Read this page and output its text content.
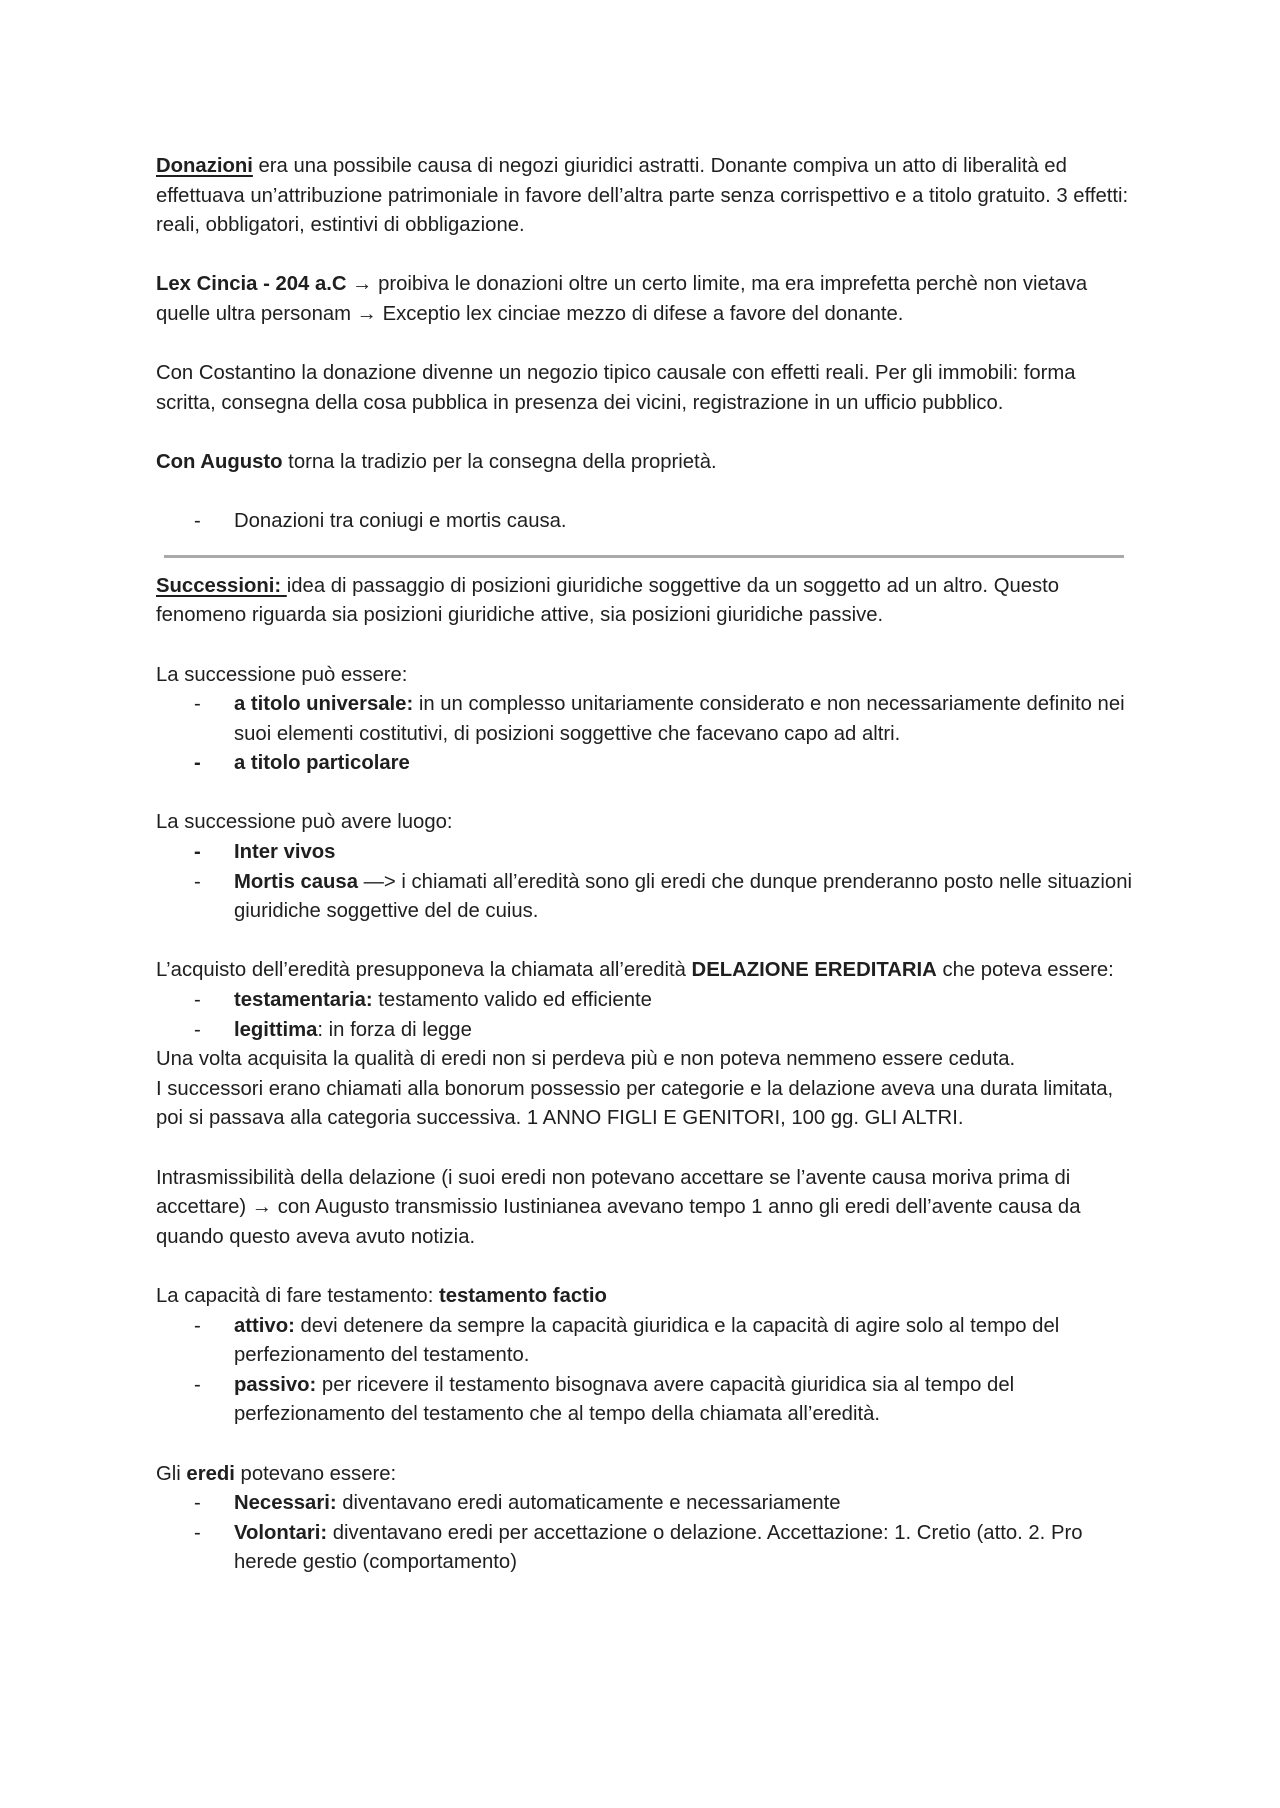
Donazioni era una possibile causa di negozi giuridici astratti. Donante compiva un atto di liberalità ed effettuava un’attribuzione patrimoniale in favore dell’altra parte senza corrispettivo e a titolo gratuito. 3 effetti: reali, obbligatori, estintivi di obbligazione.

Lex Cincia - 204 a.C → proibiva le donazioni oltre un certo limite, ma era imprefetta perchè non vietava quelle ultra personam → Exceptio lex cinciae mezzo di difese a favore del donante.

Con Costantino la donazione divenne un negozio tipico causale con effetti reali. Per gli immobili: forma scritta, consegna della cosa pubblica in presenza dei vicini, registrazione in un ufficio pubblico.

Con Augusto torna la tradizio per la consegna della proprietà.

- Donazioni tra coniugi e mortis causa.

Successioni: idea di passaggio di posizioni giuridiche soggettive da un soggetto ad un altro. Questo fenomeno riguarda sia posizioni giuridiche attive, sia posizioni giuridiche passive.

La successione può essere:

- a titolo universale: in un complesso unitariamente considerato e non necessariamente definito nei suoi elementi costitutivi, di posizioni soggettive che facevano capo ad altri.
- a titolo particolare

La successione può avere luogo:

- Inter vivos
- Mortis causa —> i chiamati all’eredità sono gli eredi che dunque prenderanno posto nelle situazioni giuridiche soggettive del de cuius.

L’acquisto dell’eredità presupponeva la chiamata all’eredità DELAZIONE EREDITARIA che poteva essere:

- testamentaria: testamento valido ed efficiente
- legittima: in forza di legge

Una volta acquisita la qualità di eredi non si perdeva più e non poteva nemmeno essere ceduta.

I successori erano chiamati alla bonorum possessio per categorie e la delazione aveva una durata limitata, poi si passava alla categoria successiva. 1 ANNO FIGLI E GENITORI, 100 gg. GLI ALTRI.

Intrasmissibilità della delazione (i suoi eredi non potevano accettare se l’avente causa moriva prima di accettare) → con Augusto transmissio Iustinianea avevano tempo 1 anno gli eredi dell’avente causa da quando questo aveva avuto notizia.

La capacità di fare testamento: testamento factio

- attivo: devi detenere da sempre la capacità giuridica e la capacità di agire solo al tempo del perfezionamento del testamento.
- passivo: per ricevere il testamento bisognava avere capacità giuridica sia al tempo del perfezionamento del testamento che al tempo della chiamata all’eredità.

Gli eredi potevano essere:

- Necessari: diventavano eredi automaticamente e necessariamente
- Volontari: diventavano eredi per accettazione o delazione. Accettazione: 1. Cretio (atto. 2. Pro herede gestio (comportamento)
